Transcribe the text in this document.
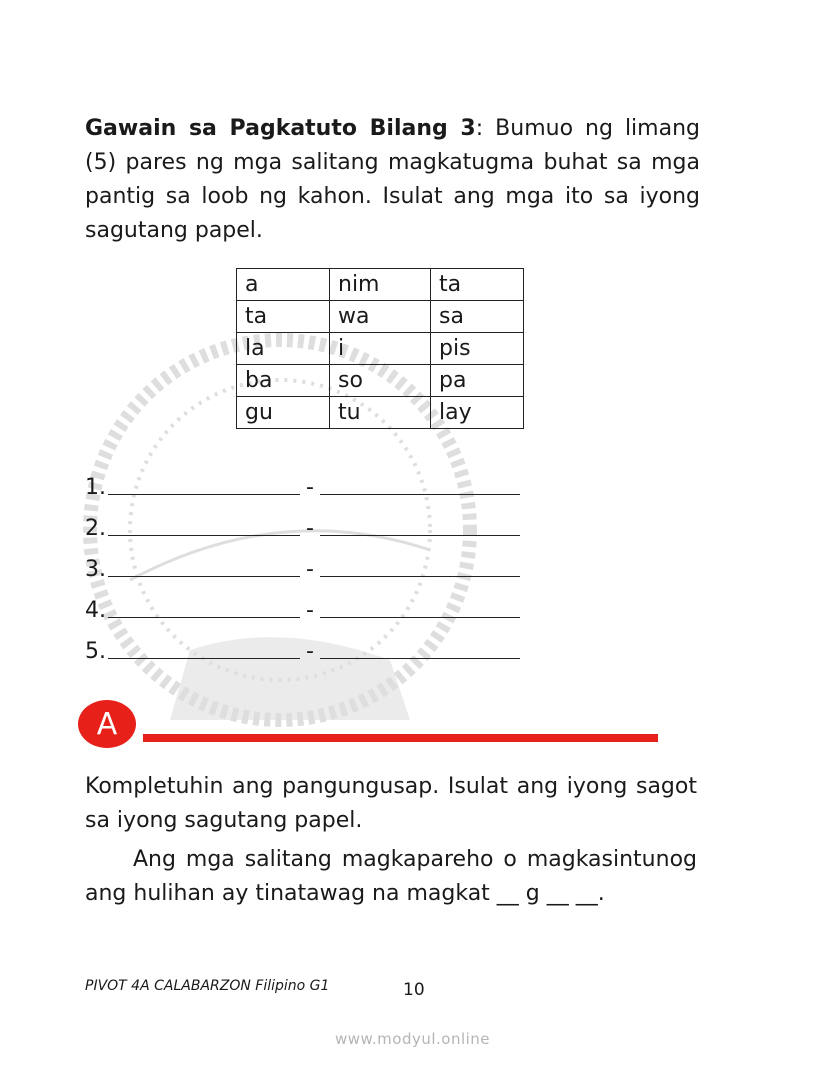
Gawain sa Pagkatuto Bilang 3: Bumuo ng limang (5) pares ng mga salitang magkatugma buhat sa mga pantig sa loob ng kahon. Isulat ang mga ito sa iyong sagutang papel.
a	nim	ta
ta	wa	sa
la	i	pis
ba	so	pa
gu	tu	lay
1.	-
2.	-
3.	-
4.	-
5.	-
A
Kompletuhin ang pangungusap. Isulat ang iyong sagot sa iyong sagutang papel.
Ang mga salitang magkapareho o magkasintunog ang hulihan ay tinatawag na magkat __ g __ __.
PIVOT 4A CALABARZON Filipino G1	10
www.modyul.online
